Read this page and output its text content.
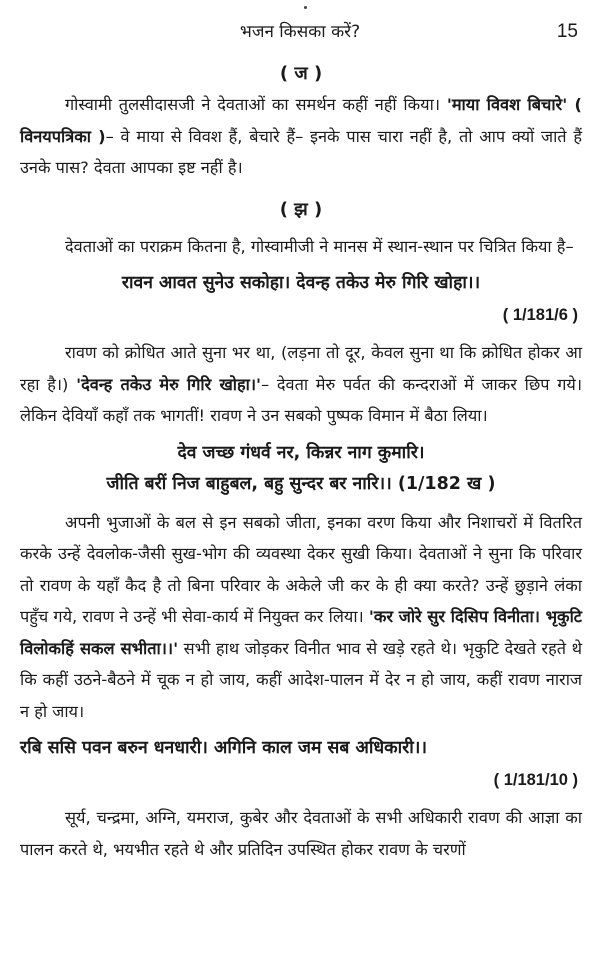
भजन किसका करें?	15
( ज )

गोस्वामी तुलसीदासजी ने देवताओं का समर्थन कहीं नहीं किया। 'माया विवश बिचारे' ( विनयपत्रिका )– वे माया से विवश हैं, बेचारे हैं– इनके पास चारा नहीं है, तो आप क्यों जाते हैं उनके पास? देवता आपका इष्ट नहीं है।

( झ )

देवताओं का पराक्रम कितना है, गोस्वामीजी ने मानस में स्थान-स्थान पर चित्रित किया है–

रावन आवत सुनेउ सकोहा। देवन्ह तकेउ मेरु गिरि खोहा।।
( 1/181/6 )

रावण को क्रोधित आते सुना भर था, (लड़ना तो दूर, केवल सुना था कि क्रोधित होकर आ रहा है।) 'देवन्ह तकेउ मेरु गिरि खोहा।'– देवता मेरु पर्वत की कन्दराओं में जाकर छिप गये। लेकिन देवियाँ कहाँ तक भागतीं! रावण ने उन सबको पुष्पक विमान में बैठा लिया।

देव जच्छ गंधर्व नर, किन्नर नाग कुमारि।
जीति बरीं निज बाहुबल, बहु सुन्दर बर नारि।। (1/182 ख )

अपनी भुजाओं के बल से इन सबको जीता, इनका वरण किया और निशाचरों में वितरित करके उन्हें देवलोक-जैसी सुख-भोग की व्यवस्था देकर सुखी किया। देवताओं ने सुना कि परिवार तो रावण के यहाँ कैद है तो बिना परिवार के अकेले जी कर के ही क्या करते? उन्हें छुड़ाने लंका पहुँच गये, रावण ने उन्हें भी सेवा-कार्य में नियुक्त कर लिया। 'कर जोरे सुर दिसिप विनीता। भृकुटि विलोकहिं सकल सभीता।।' सभी हाथ जोड़कर विनीत भाव से खड़े रहते थे। भृकुटि देखते रहते थे कि कहीं उठने-बैठने में चूक न हो जाय, कहीं आदेश-पालन में देर न हो जाय, कहीं रावण नाराज न हो जाय।

रबि ससि पवन बरुन धनधारी। अगिनि काल जम सब अधिकारी।।
( 1/181/10 )

सूर्य, चन्द्रमा, अग्नि, यमराज, कुबेर और देवताओं के सभी अधिकारी रावण की आज्ञा का पालन करते थे, भयभीत रहते थे और प्रतिदिन उपस्थित होकर रावण के चरणों
